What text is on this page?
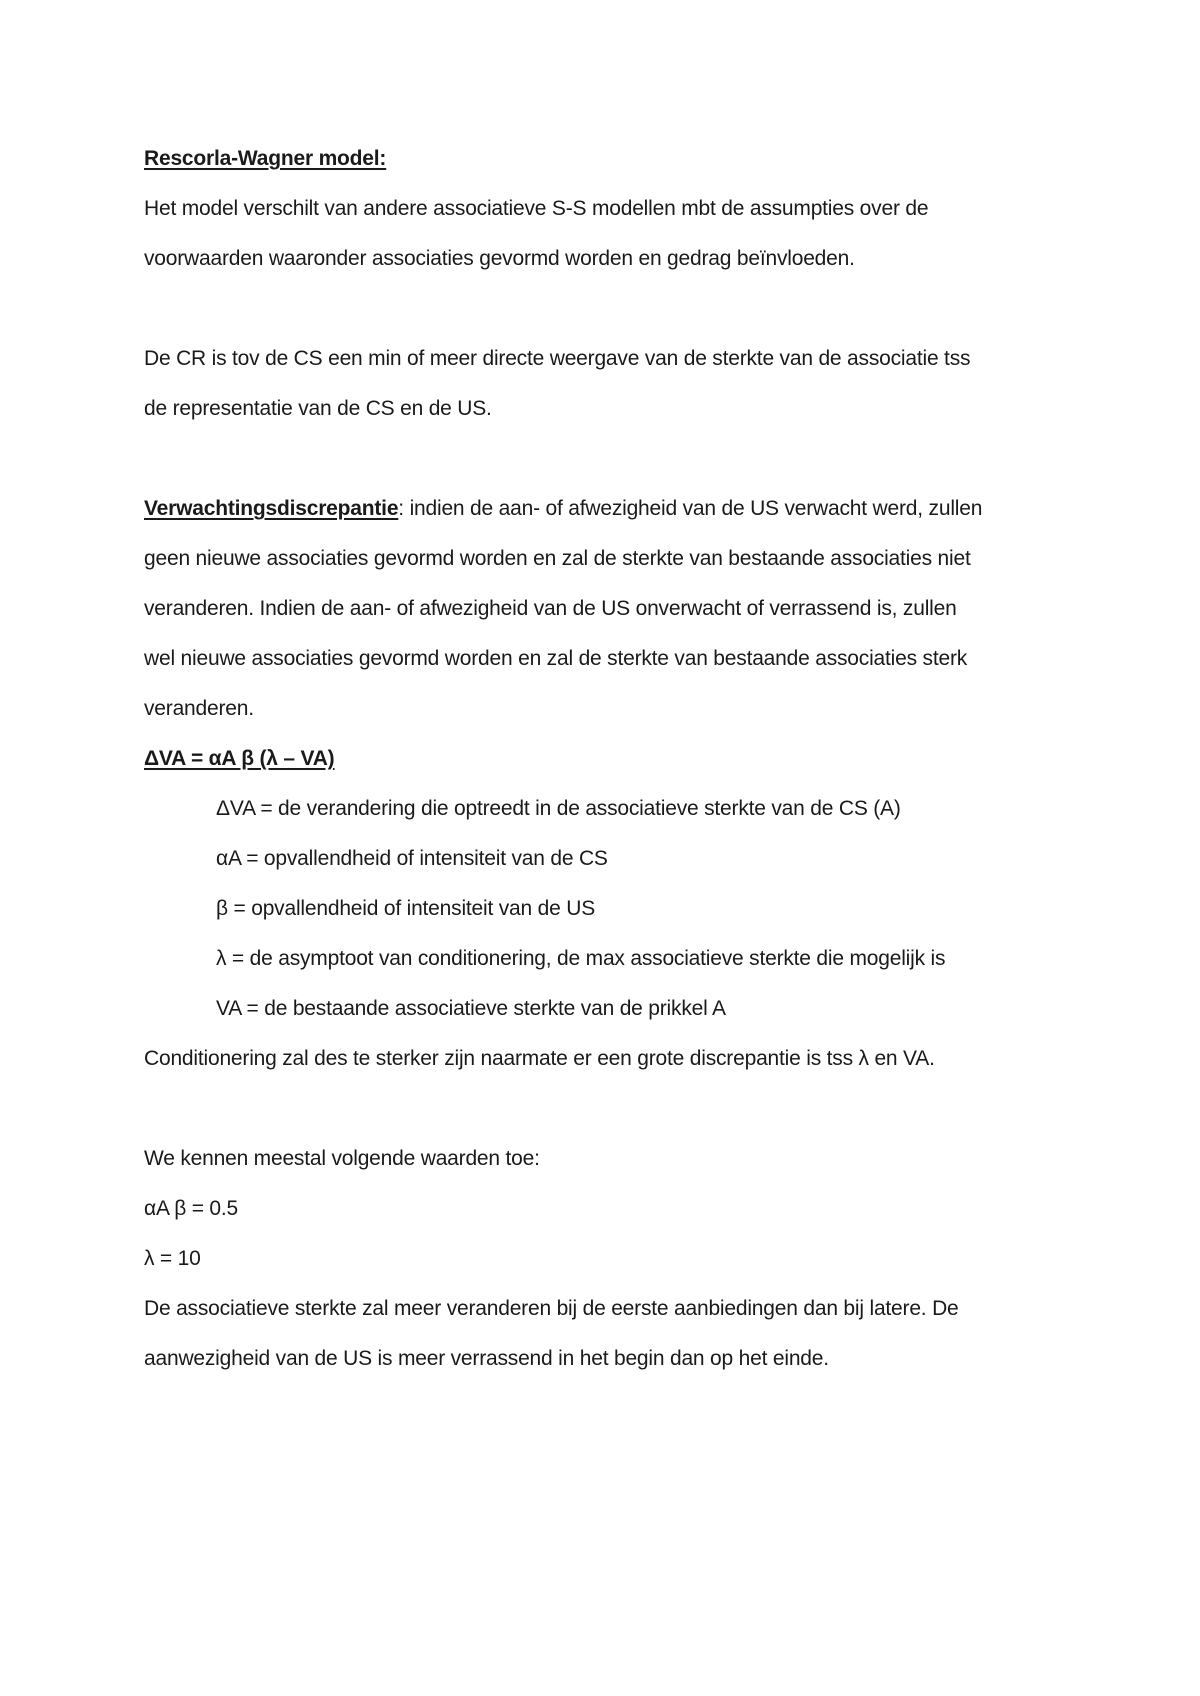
Rescorla-Wagner model:
Het model verschilt van andere associatieve S-S modellen mbt de assumpties over de
voorwaarden waaronder associaties gevormd worden en gedrag beïnvloeden.
De CR is tov de CS een min of meer directe weergave van de sterkte van de associatie tss
de representatie van de CS en de US.
Verwachtingsdiscrepantie: indien de aan- of afwezigheid van de US verwacht werd, zullen
geen nieuwe associaties gevormd worden en zal de sterkte van bestaande associaties niet
veranderen. Indien de aan- of afwezigheid van de US onverwacht of verrassend is, zullen
wel nieuwe associaties gevormd worden en zal de sterkte van bestaande associaties sterk
veranderen.
ΔVA = αA β (λ – VA)
ΔVA = de verandering die optreedt in de associatieve sterkte van de CS (A)
αA = opvallendheid of intensiteit van de CS
β = opvallendheid of intensiteit van de US
λ = de asymptoot van conditionering, de max associatieve sterkte die mogelijk is
VA = de bestaande associatieve sterkte van de prikkel A
Conditionering zal des te sterker zijn naarmate er een grote discrepantie is tss λ en VA.
We kennen meestal volgende waarden toe:
αA β = 0.5
λ = 10
De associatieve sterkte zal meer veranderen bij de eerste aanbiedingen dan bij latere. De
aanwezigheid van de US is meer verrassend in het begin dan op het einde.
